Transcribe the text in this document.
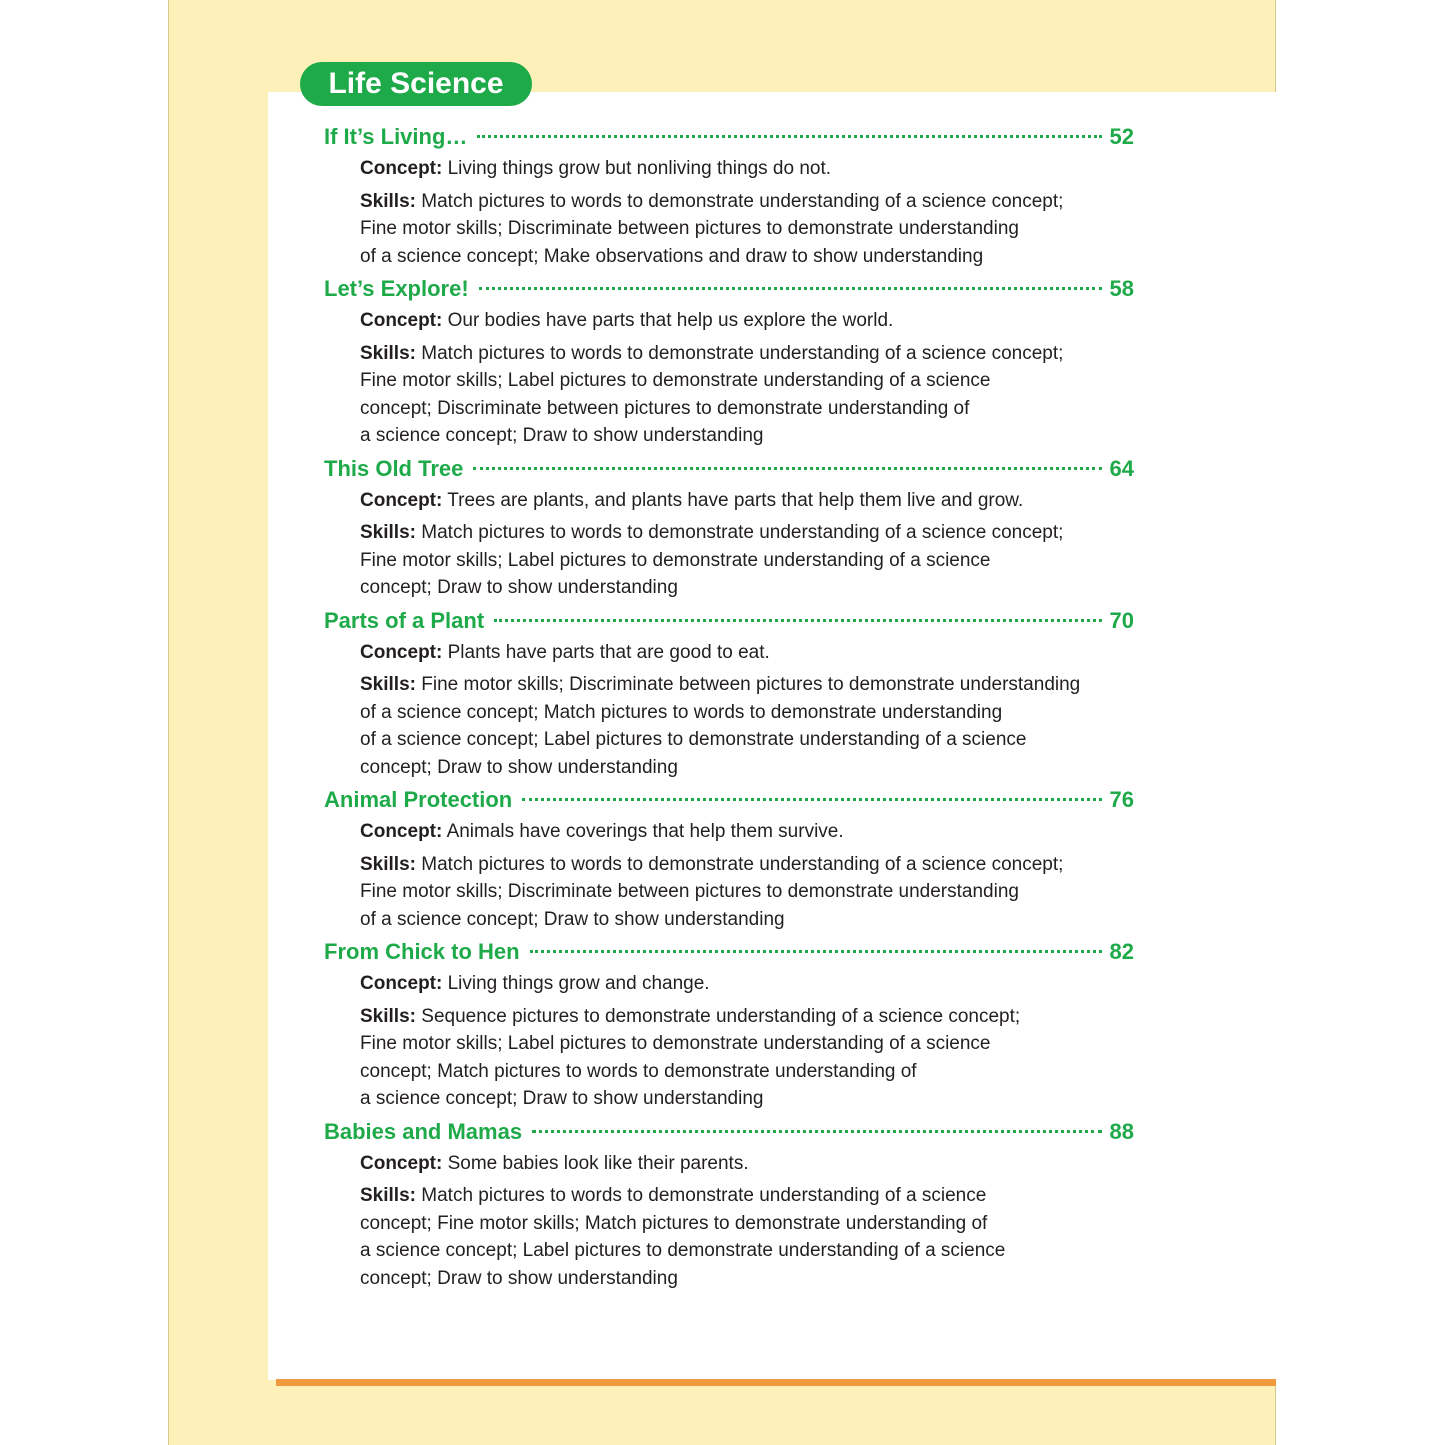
Life Science
If It’s Living…	52
Concept: Living things grow but nonliving things do not.
Skills: Match pictures to words to demonstrate understanding of a science concept;
Fine motor skills; Discriminate between pictures to demonstrate understanding
of a science concept; Make observations and draw to show understanding
Let’s Explore!	58
Concept: Our bodies have parts that help us explore the world.
Skills: Match pictures to words to demonstrate understanding of a science concept;
Fine motor skills; Label pictures to demonstrate understanding of a science
concept; Discriminate between pictures to demonstrate understanding of
a science concept; Draw to show understanding
This Old Tree	64
Concept: Trees are plants, and plants have parts that help them live and grow.
Skills: Match pictures to words to demonstrate understanding of a science concept;
Fine motor skills; Label pictures to demonstrate understanding of a science
concept; Draw to show understanding
Parts of a Plant	70
Concept: Plants have parts that are good to eat.
Skills: Fine motor skills; Discriminate between pictures to demonstrate understanding
of a science concept; Match pictures to words to demonstrate understanding
of a science concept; Label pictures to demonstrate understanding of a science
concept; Draw to show understanding
Animal Protection	76
Concept: Animals have coverings that help them survive.
Skills: Match pictures to words to demonstrate understanding of a science concept;
Fine motor skills; Discriminate between pictures to demonstrate understanding
of a science concept; Draw to show understanding
From Chick to Hen	82
Concept: Living things grow and change.
Skills: Sequence pictures to demonstrate understanding of a science concept;
Fine motor skills; Label pictures to demonstrate understanding of a science
concept; Match pictures to words to demonstrate understanding of
a science concept; Draw to show understanding
Babies and Mamas	88
Concept: Some babies look like their parents.
Skills: Match pictures to words to demonstrate understanding of a science
concept; Fine motor skills; Match pictures to demonstrate understanding of
a science concept; Label pictures to demonstrate understanding of a science
concept; Draw to show understanding
